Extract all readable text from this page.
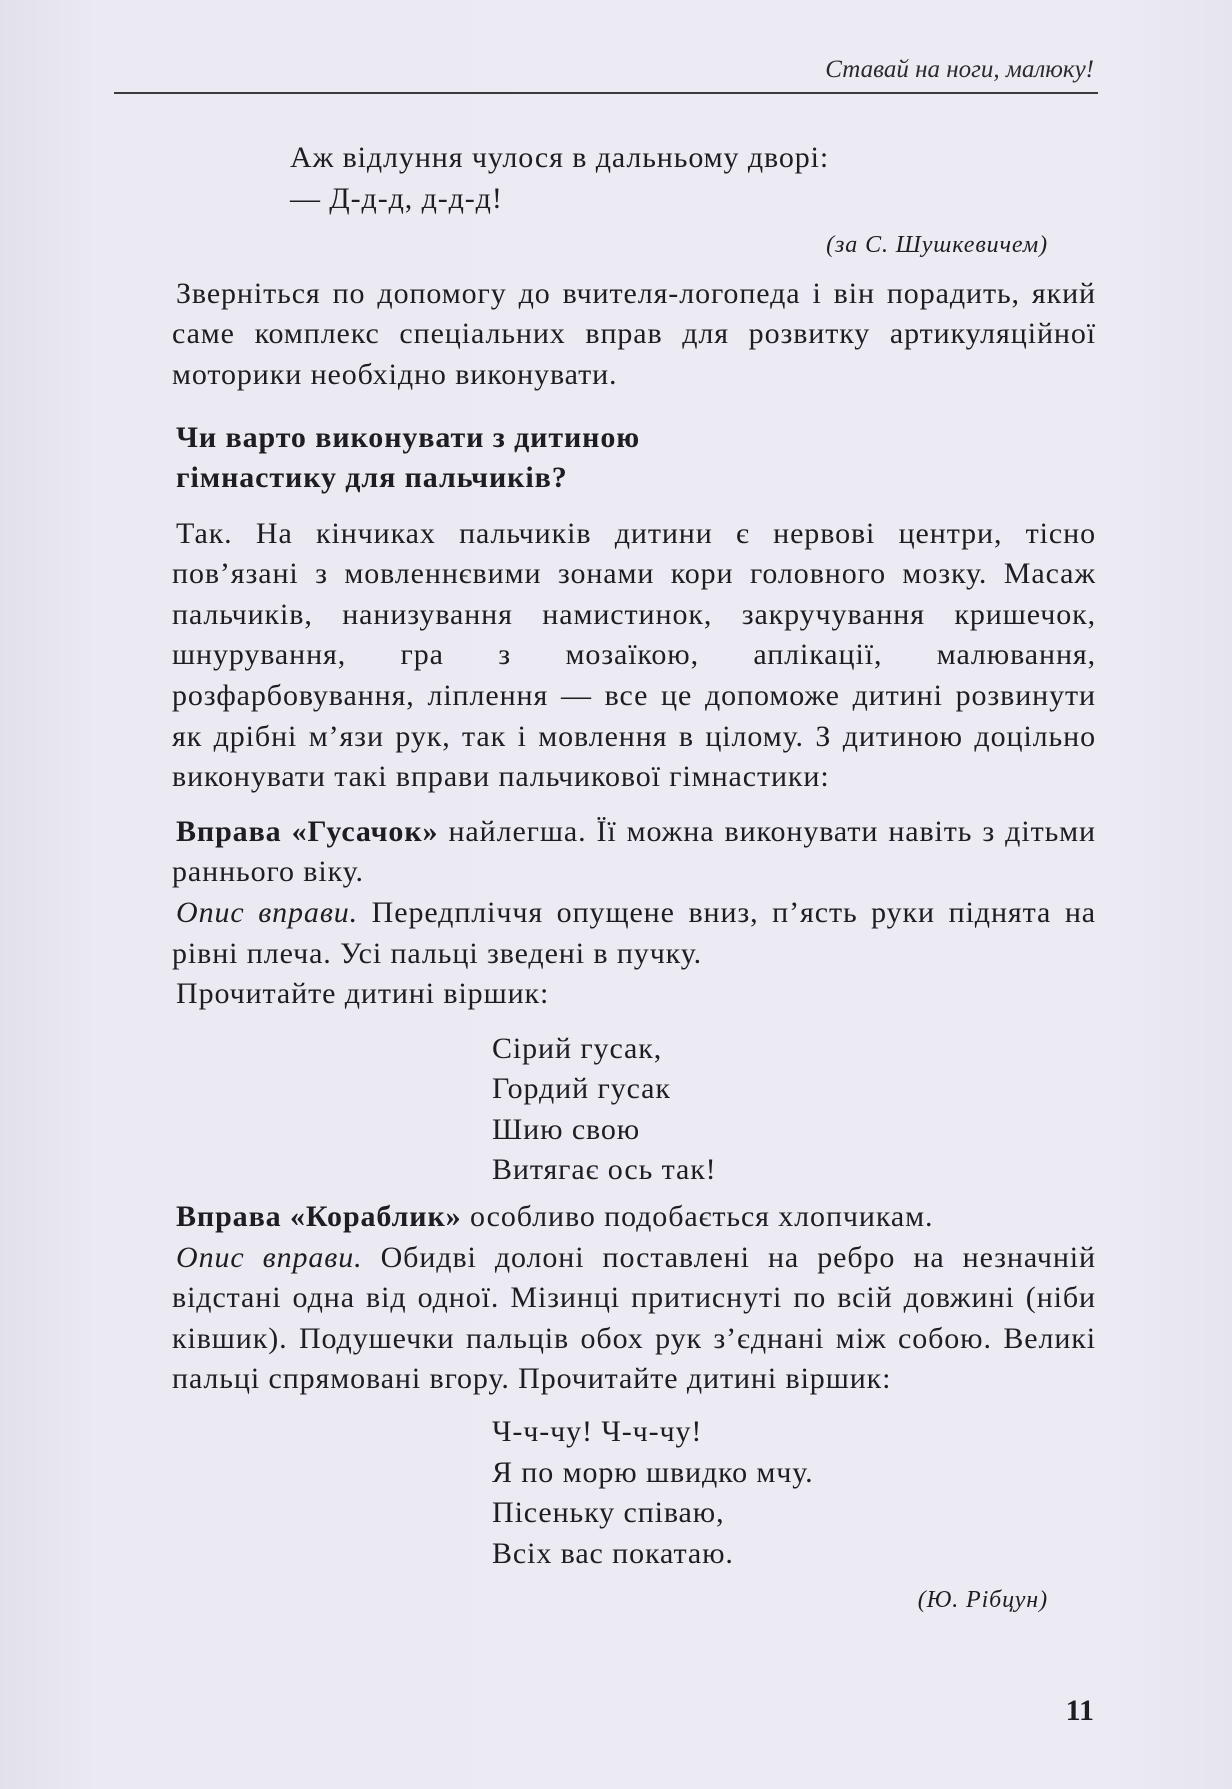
Ставай на ноги, малюку!

Аж відлуння чулося в дальньому дворі:

— Д-д-д, д-д-д!

(за С. Шушкевичем)

Зверніться по допомогу до вчителя-логопеда і він порадить, який саме комплекс спеціальних вправ для розвитку артикуляційної моторики необхідно виконувати.

Чи варто виконувати з дитиною
гімнастику для пальчиків?

Так. На кінчиках пальчиків дитини є нервові центри, тісно пов’язані з мовленнєвими зонами кори головного мозку. Масаж пальчиків, нанизування намистинок, закручування кришечок, шнурування, гра з мозаїкою, аплікації, малювання, розфарбовування, ліплення — все це допоможе дитині розвинути як дрібні м’язи рук, так і мовлення в цілому. З дитиною доцільно виконувати такі вправи пальчикової гімнастики:

Вправа «Гусачок» найлегша. Її можна виконувати навіть з дітьми раннього віку.

Опис вправи. Передпліччя опущене вниз, п’ясть руки піднята на рівні плеча. Усі пальці зведені в пучку.

Прочитайте дитині віршик:

Сірий гусак,

Гордий гусак

Шию свою

Витягає ось так!

Вправа «Кораблик» особливо подобається хлопчикам.

Опис вправи. Обидві долоні поставлені на ребро на незначній відстані одна від одної. Мізинці притиснуті по всій довжині (ніби ківшик). Подушечки пальців обох рук з’єднані між собою. Великі пальці спрямовані вгору. Прочитайте дитині віршик:

Ч-ч-чу! Ч-ч-чу!

Я по морю швидко мчу.

Пісеньку співаю,

Всіх вас покатаю.

(Ю. Рібцун)

11
